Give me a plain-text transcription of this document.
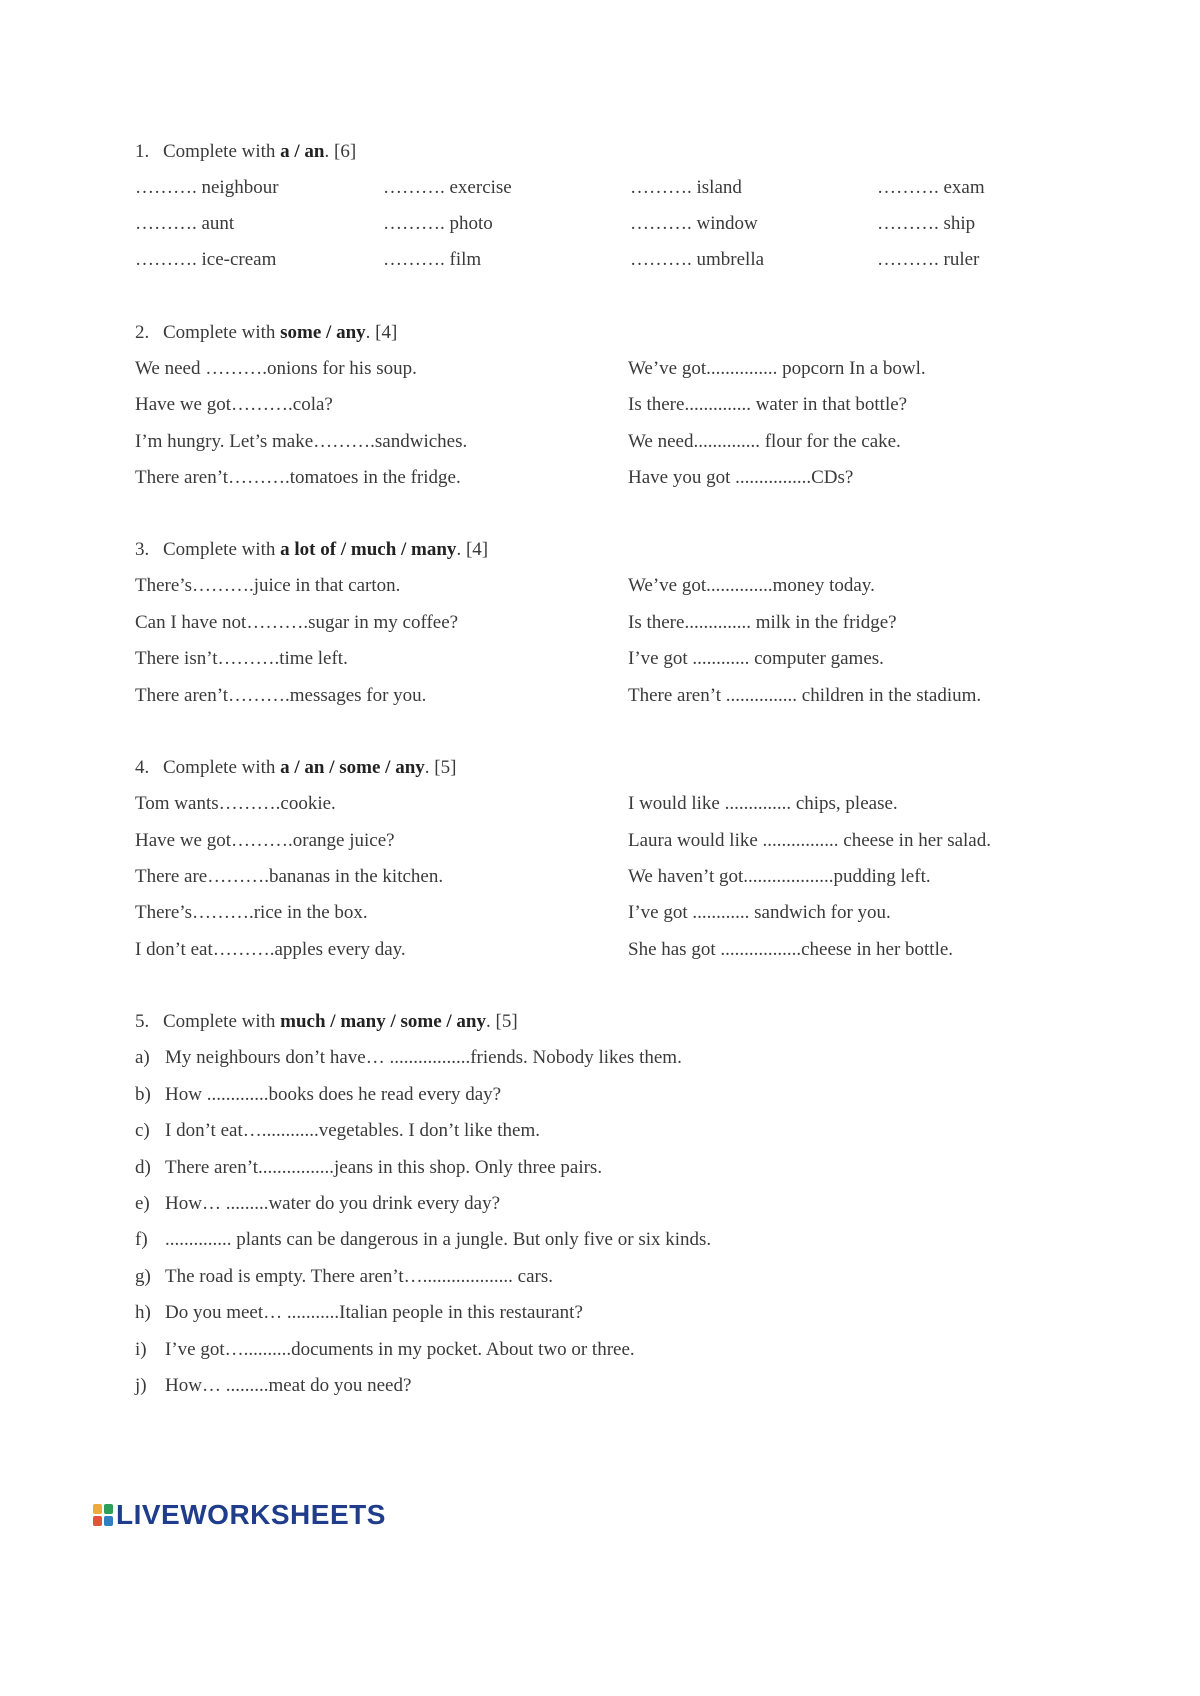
1. Complete with a / an. [6]
………. neighbour	………. exercise	………. island	………. exam
………. aunt	………. photo	………. window	………. ship
………. ice-cream	………. film	………. umbrella	………. ruler
2. Complete with some / any. [4]
We need ……….onions for his soup.
Have we got……….cola?
I’m hungry. Let’s make……….sandwiches.
There aren’t……….tomatoes in the fridge.
We’ve got............... popcorn In a bowl.
Is there.............. water in that bottle?
We need.............. flour for the cake.
Have you got ................CDs?
3. Complete with a lot of / much / many. [4]
There’s……….juice in that carton.
Can I have not……….sugar in my coffee?
There isn’t……….time left.
There aren’t……….messages for you.
We’ve got..............money today.
Is there.............. milk in the fridge?
I’ve got ............ computer games.
There aren’t ............... children in the stadium.
4. Complete with a / an / some / any. [5]
Tom wants……….cookie.
Have we got……….orange juice?
There are……….bananas in the kitchen.
There’s……….rice in the box.
I don’t eat……….apples every day.
I would like .............. chips, please.
Laura would like ................ cheese in her salad.
We haven’t got...................pudding left.
I’ve got ............ sandwich for you.
She has got .................cheese in her bottle.
5. Complete with much / many / some / any. [5]
a) My neighbours don’t have… .................friends. Nobody likes them.
b) How .............books does he read every day?
c) I don’t eat…............vegetables. I don’t like them.
d) There aren’t................jeans in this shop. Only three pairs.
e) How… .........water do you drink every day?
f) .............. plants can be dangerous in a jungle. But only five or six kinds.
g) The road is empty. There aren’t…................... cars.
h) Do you meet… ...........Italian people in this restaurant?
i) I’ve got…..........documents in my pocket. About two or three.
j) How… .........meat do you need?
LIVEWORKSHEETS
